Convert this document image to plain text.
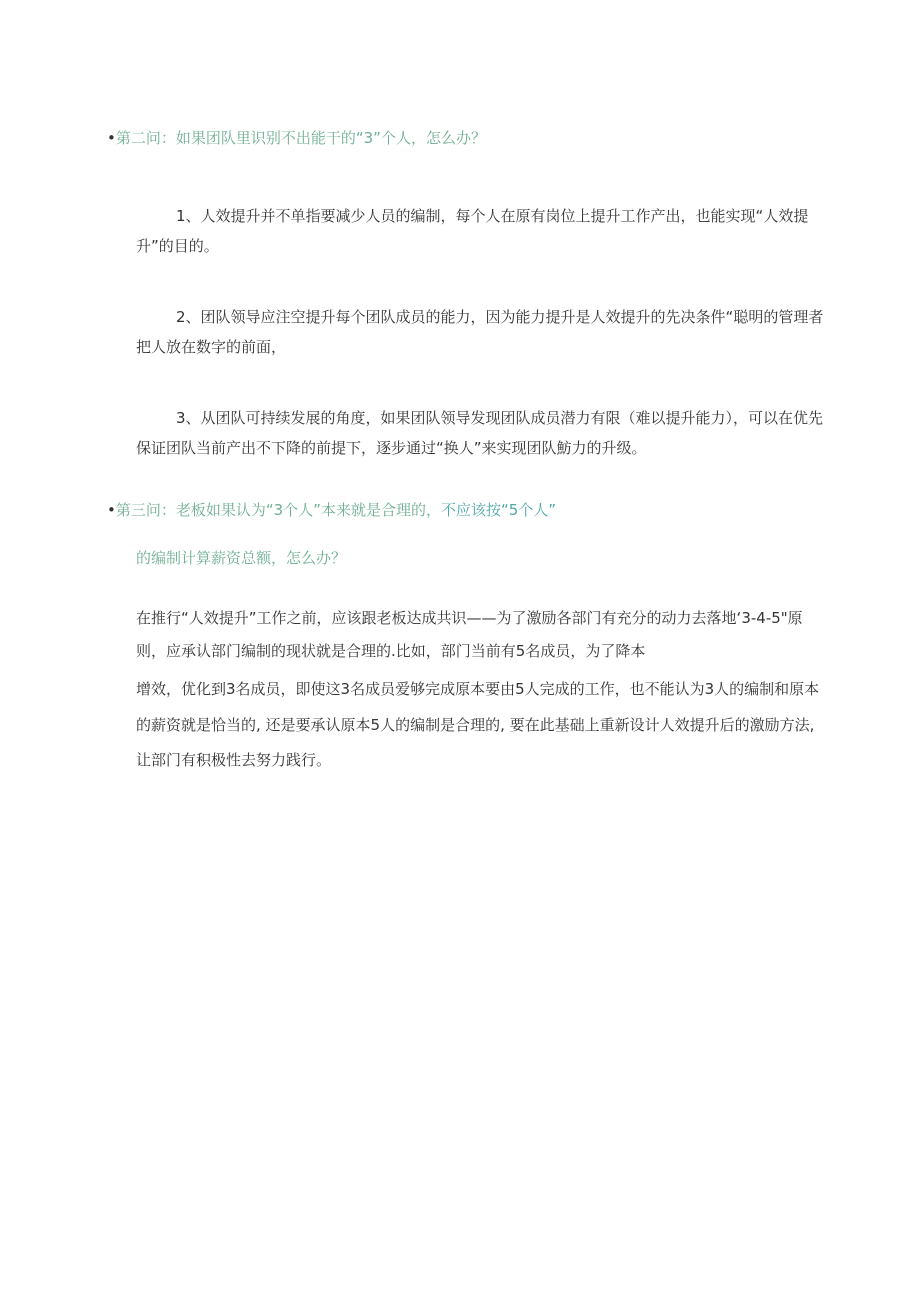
•第二问：如果团队里识别不出能干的“3”个人，怎么办？
1、人效提升并不单指要减少人员的编制，每个人在原有岗位上提升工作产出，也能实现“人效提升”的目的。
2、团队领导应注空提升每个团队成员的能力，因为能力提升是人效提升的先决条件“聪明的管理者把人放在数字的前面，
3、从团队可持续发展的角度，如果团队领导发现团队成员潜力有限（难以提升能力），可以在优先保证团队当前产出不下降的前提下，逐步通过“换人”来实现团队魴力的升级。
•第三问：老板如果认为“3个人”本来就是合理的，不应该按“5个人”
的编制计算薪资总额，怎么办？
在推行“人效提升”工作之前，应该跟老板达成共识——为了激励各部门有充分的动力去落地‘3-4-5"原
则，应承认部门编制的现状就是合理的.比如，部门当前有5名成员，为了降本
增效，优化到3名成员，即使这3名成员爱够完成原本要由5人完成的工作，也不能认为3人的编制和原本
的薪资就是恰当的, 还是要承认原本5人的编制是合理的, 要在此基础上重新设计人效提升后的激励方法,
让部门有积极性去努力践行。
